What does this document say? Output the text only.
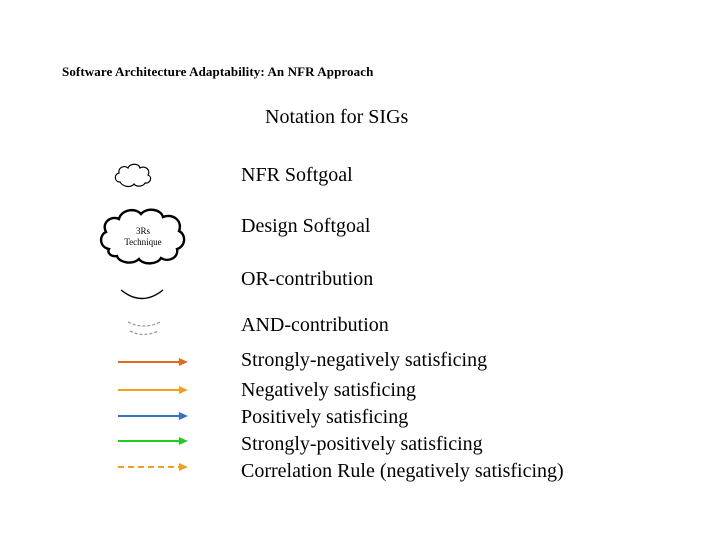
Software Architecture Adaptability: An NFR Approach
Notation for SIGs
3Rs
Technique
NFR Softgoal
Design Softgoal
OR-contribution
AND-contribution
Strongly-negatively satisficing
Negatively satisficing
Positively satisficing
Strongly-positively satisficing
Correlation Rule (negatively satisficing)
